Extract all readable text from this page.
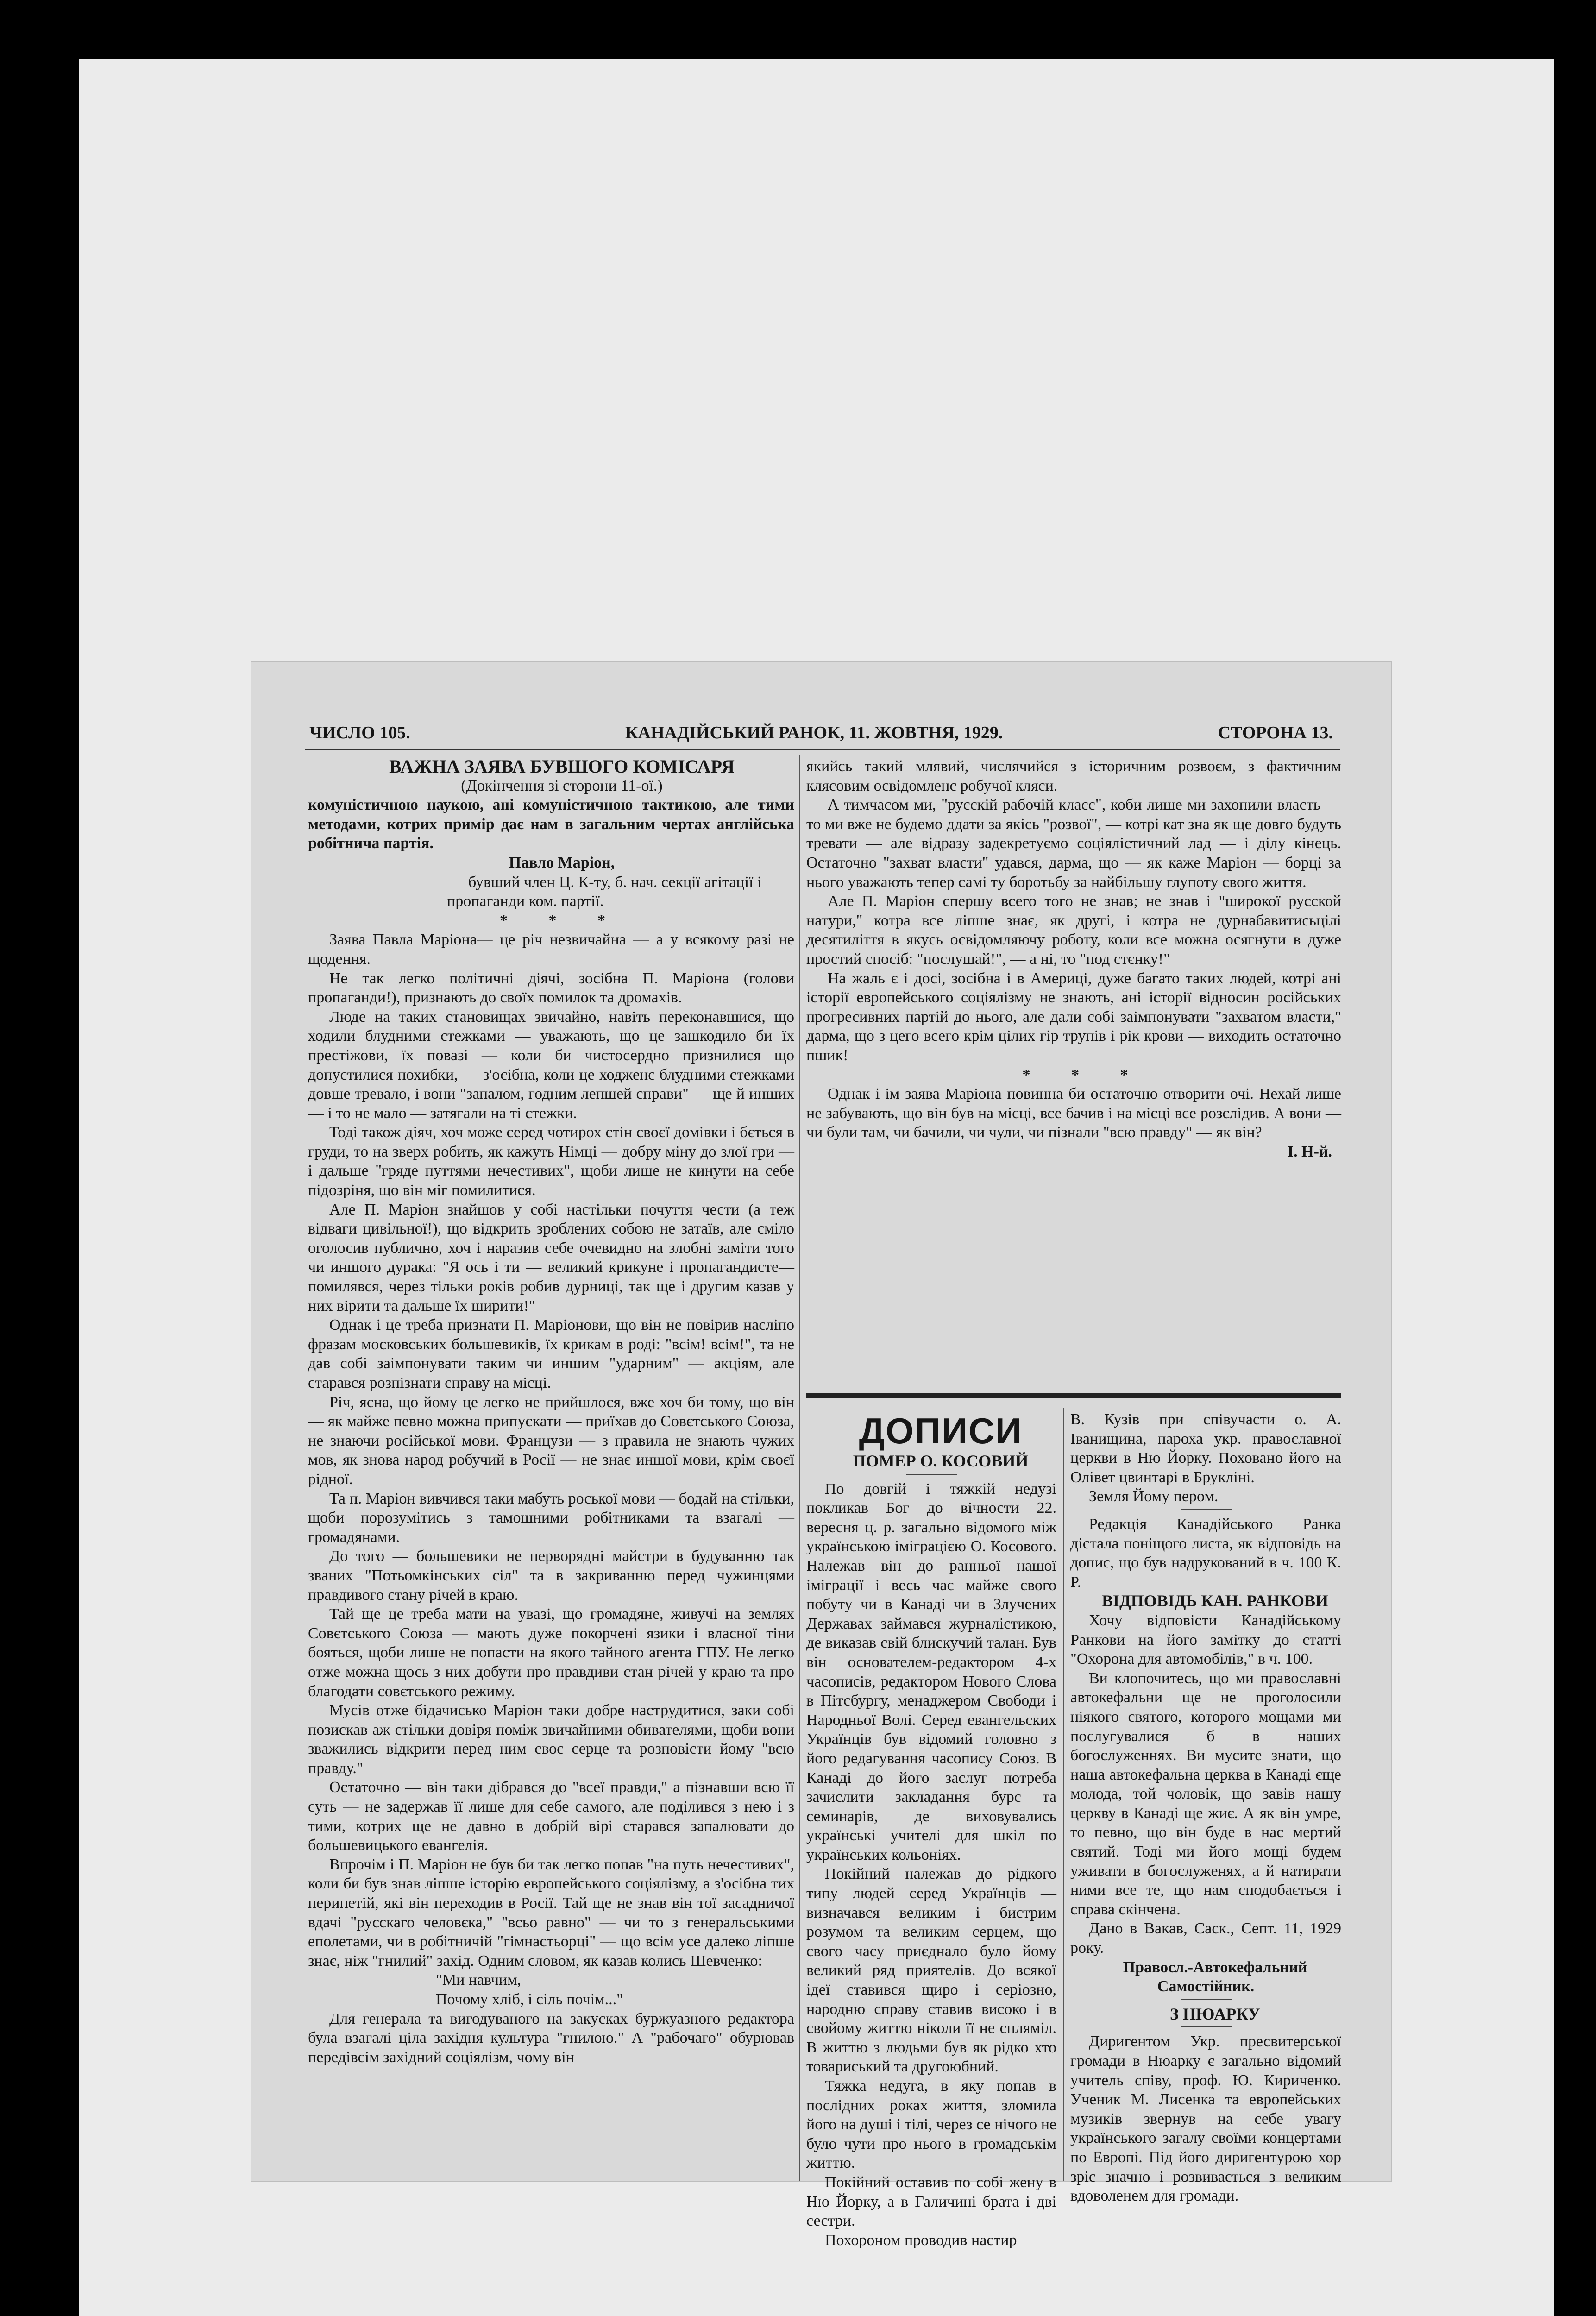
ЧИСЛО 105.	КАНАДІЙСЬКИЙ РАНОК, 11. ЖОВТНЯ, 1929.	СТОРОНА 13.

ВАЖНА ЗАЯВА БУВШОГО КОМІСАРЯ

(Докінчення зі сторони 11-ої.)

комуністичною наукою, ані комуністичною тактикою, але тими методами, котрих примір дає нам в загальним чертах англійська робітнича партія.

Павло Маріон,

бувший член Ц. К-ту, б. нач. секції агітації і пропаганди ком. партії.

* * *

Заява Павла Маріона— це річ незвичайна — а у всякому разі не щодення.

Не так легко політичні діячі, зосібна П. Маріона (голови пропаганди!), признають до своїх помилок та дромахів.

Люде на таких становищах звичайно, навіть переконавшися, що ходили блудними стежками — уважають, що це зашкодило би їх престіжови, їх повазі — коли би чистосердно признилися що допустилися похибки, — з'осібна, коли це ходженє блудними стежками довше тревало, і вони "запалом, годним лепшей справи" — ще й инших — і то не мало — затягали на ті стежки.

Тоді також діяч, хоч може серед чотирох стін своєї домівки і бється в груди, то на зверх робить, як кажуть Німці — добру міну до злої гри — і дальше "гряде путтями нечестивих", щоби лише не кинути на себе підозріня, що він міг помилитися.

Але П. Маріон знайшов у собі настільки почуття чести (а теж відваги цивільної!), що відкрить зроблених собою не затаїв, але сміло оголосив публично, хоч і наразив себе очевидно на злобні заміти того чи иншого дурака: "Я ось і ти — великий крикуне і пропагандисте—помилявся, через тільки років робив дурниці, так ще і другим казав у них вірити та дальше їх ширити!"

Однак і це треба признати П. Маріонови, що він не повірив насліпо фразам московських большевиків, їх крикам в роді: "всім! всім!", та не дав собі заімпонувати таким чи иншим "ударним" — акціям, але старався розпізнати справу на місці.

Річ, ясна, що йому це легко не прийшлося, вже хоч би тому, що він — як майже певно можна припускати — приїхав до Совєтського Союза, не знаючи російської мови. Французи — з правила не знають чужих мов, як знова народ робучий в Росії — не знає иншої мови, крім своєї рідної.

Та п. Маріон вивчився таки мабуть роської мови — бодай на стільки, щоби порозумітись з тамошними робітниками та взагалі — громадянами.

До того — большевики не перворядні майстри в будуванню так званих "Потьомкінських сіл" та в закриванню перед чужинцями правдивого стану річей в краю.

Тай ще це треба мати на увазі, що громадяне, живучі на землях Совєтського Союза — мають дуже покорчені язики і власної тіни бояться, щоби лише не попасти на якого тайного агента ГПУ. Не легко отже можна щось з них добути про правдиви стан річей у краю та про благодати совєтського режиму.

Мусів отже бідачисько Маріон таки добре наструдитися, заки собі позискав аж стільки довіря поміж звичайними обивателями, щоби вони зважились відкрити перед ним своє серце та розповісти йому "всю правду."

Остаточно — він таки дібрався до "всеї правди," а пізнавши всю її суть — не задержав її лише для себе самого, але поділився з нею і з тими, котрих ще не давно в добрій вірі старався запалювати до большевицького евангелія.

Впрочім і П. Маріон не був би так легко попав "на путь нечестивих", коли би був знав ліпше історію европейського соціялізму, а з'осібна тих перипетій, які він переходив в Росії. Тай ще не знав він тої засадничої вдачі "русскаго человєка," "всьо равно" — чи то з генеральськими еполетами, чи в робітничій "гімнастьорці" — що всім усе далеко ліпше знає, ніж "гнилий" захід. Одним словом, як казав колись Шевченко:

"Ми навчим,

Почому хліб, і сіль почім..."

Для генерала та вигодуваного на закусках буржуазного редактора була взагалі ціла західня культура "гнилою." А "рабочаго" обурював передівсім західний соціялізм, чому він

якийсь такий млявий, числячийся з історичним розвоєм, з фактичним клясовим освідомленє робучої кляси.

А тимчасом ми, "русскій рабочій класс", коби лише ми захопили власть — то ми вже не будемо ддати за якісь "розвої", — котрі кат зна як ще довго будуть тревати — але відразу задекретуємо соціялістичний лад — і ділу кінець. Остаточно "захват власти" удався, дарма, що — як каже Маріон — борці за нього уважають тепер самі ту боротьбу за найбільшу глупоту свого життя.

Але П. Маріон спершу всего того не знав; не знав і "широкої русской натури," котра все ліпше знає, як другі, і котра не дурнабавитисьцілі десятиліття в якусь освідомляючу роботу, коли все можна осягнути в дуже простий спосіб: "послушай!", — а ні, то "под стєнку!"

На жаль є і досі, зосібна і в Америці, дуже багато таких людей, котрі ані історії европейського соціялізму не знають, ані історії відносин російських прогресивних партій до нього, але дали собі заімпонувати "захватом власти," дарма, що з цего всего крім цілих гір трупів і рік крови — виходить остаточно пшик!

* * *

Однак і ім заява Маріона повинна би остаточно отворити очі. Нехай лише не забувають, що він був на місці, все бачив і на місці все розслідив. А вони — чи були там, чи бачили, чи чули, чи пізнали "всю правду" — як він?

І. Н-й.

ДОПИСИ

ПОМЕР О. КОСОВИЙ

По довгій і тяжкій недузі покликав Бог до вічности 22. вересня ц. р. загально відомого між українською іміграцією О. Косового. Належав він до ранньої нашої іміграції і весь час майже свого побуту чи в Канаді чи в Злучених Державах займався журналістикою, де виказав свій блискучий талан. Був він основателем-редактором 4-х часописів, редактором Нового Слова в Пітсбургу, менаджером Свободи і Народньої Волі. Серед евангельских Українців був відомий головно з його редагування часопису Союз. В Канаді до його заслуг потреба зачислити закладання бурс та семинарів, де виховувались українські учителі для шкіл по українських кольоніях.

Покійний належав до рідкого типу людей серед Українців — визначався великим і бистрим розумом та великим серцем, що свого часу приєднало було йому великий ряд приятелів. До всякої ідеї ставився щиро і серіозно, народню справу ставив високо і в свойому життю ніколи її не спляміл. В життю з людьми був як рідко хто товариський та другоюбний.

Тяжка недуга, в яку попав в послідних роках життя, зломила його на душі і тілі, через се нічого не було чути про нього в громадськім життю.

Покійний оставив по собі жену в Ню Йорку, а в Галичині брата і дві сестри.

Похороном проводив настир

В. Кузів при співучасти о. А. Іванищина, пароха укр. православної церкви в Ню Йорку. Поховано його на Олівет цвинтарі в Брукліні.

Земля Йому пером.

Редакція Канадійського Ранка дістала поніщого листа, як відповідь на допис, що був надрукований в ч. 100 К. Р.

ВІДПОВІДЬ КАН. РАНКОВИ

Хочу відповісти Канадійському Ранкови на його замітку до статті "Охорона для автомобілів," в ч. 100.

Ви клопочитесь, що ми православні автокефальни ще не проголосили ніякого святого, которого мощами ми послугувалися б в наших богослуженнях. Ви мусите знати, що наша автокефальна церква в Канаді єще молода, той чоловік, що завів нашу церкву в Канаді ще жиє. А як він умре, то певно, що він буде в нас мертий святий. Тоді ми його мощі будем уживати в богослуженях, а й натирати ними все те, що нам сподобається і справа скінчена.

Дано в Вакав, Саск., Септ. 11, 1929 року.

Правосл.-Автокефальний Самостійник.

З НЮАРКУ

Диригентом Укр. пресвитерської громади в Нюарку є загально відомий учитель співу, проф. Ю. Кириченко. Ученик М. Лисенка та европейських музиків звернув на себе увагу українського загалу своїми концертами по Европі. Під його диригентурою хор зріс значно і розвивається з великим вдоволенем для громади.
